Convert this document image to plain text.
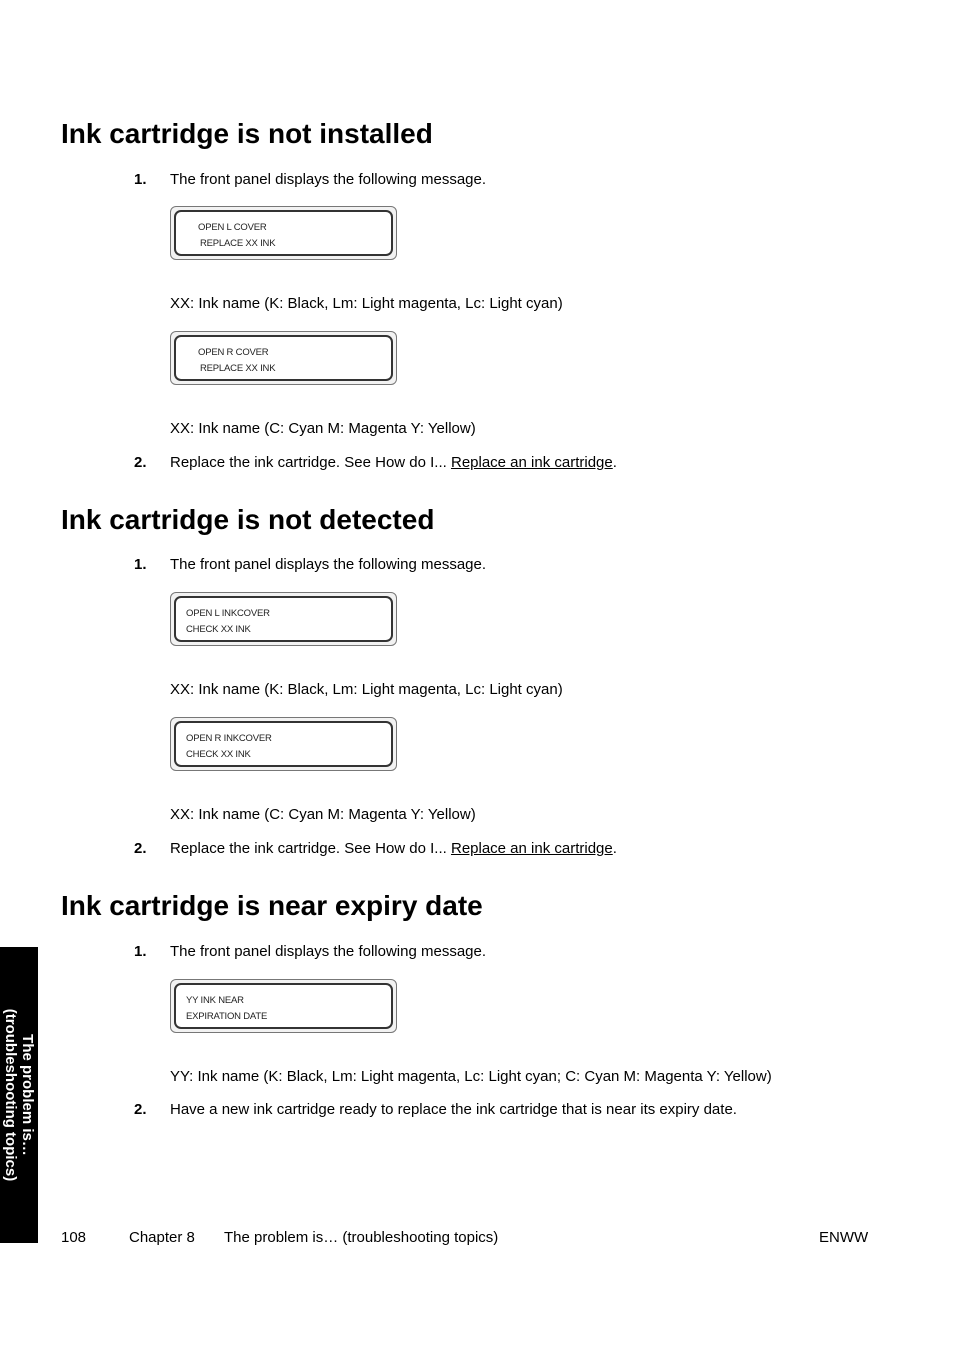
Ink cartridge is not installed
1. The front panel displays the following message.
OPEN L COVER
REPLACE XX INK
XX: Ink name (K: Black, Lm: Light magenta, Lc: Light cyan)
OPEN R COVER
REPLACE XX INK
XX: Ink name (C: Cyan M: Magenta Y: Yellow)
2. Replace the ink cartridge. See How do I... Replace an ink cartridge.
Ink cartridge is not detected
1. The front panel displays the following message.
OPEN L INKCOVER
CHECK XX INK
XX: Ink name (K: Black, Lm: Light magenta, Lc: Light cyan)
OPEN R INKCOVER
CHECK XX INK
XX: Ink name (C: Cyan M: Magenta Y: Yellow)
2. Replace the ink cartridge. See How do I... Replace an ink cartridge.
Ink cartridge is near expiry date
1. The front panel displays the following message.
YY INK NEAR
EXPIRATION DATE
YY: Ink name (K: Black, Lm: Light magenta, Lc: Light cyan; C: Cyan M: Magenta Y: Yellow)
2. Have a new ink cartridge ready to replace the ink cartridge that is near its expiry date.
The problem is…
(troubleshooting topics)
108	Chapter 8 The problem is… (troubleshooting topics)	ENWW
